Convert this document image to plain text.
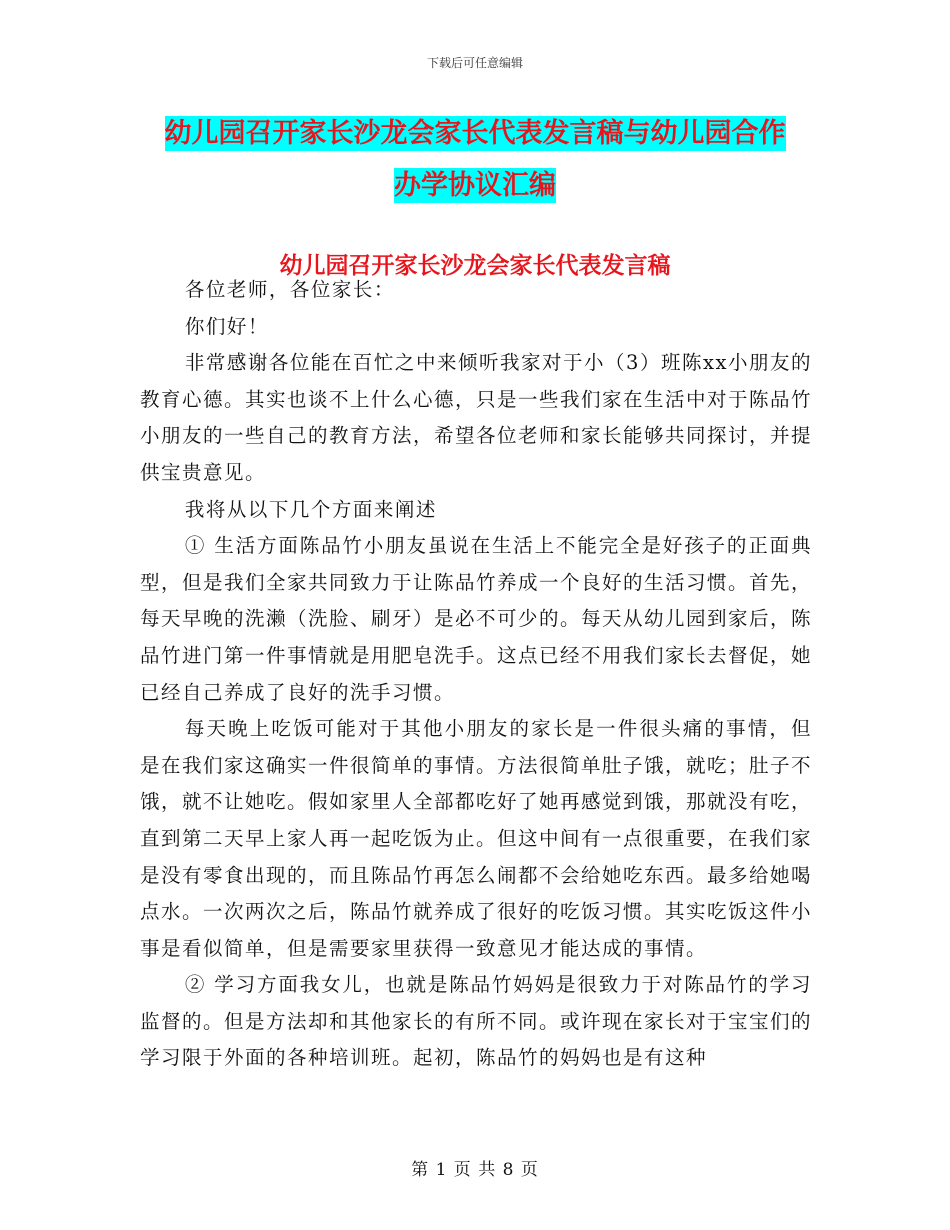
下载后可任意编辑
幼儿园召开家长沙龙会家长代表发言稿与幼儿园合作
办学协议汇编
幼儿园召开家长沙龙会家长代表发言稿

各位老师，各位家长：

你们好！

非常感谢各位能在百忙之中来倾听我家对于小（3）班陈xx小朋友的教育心德。其实也谈不上什么心德，只是一些我们家在生活中对于陈品竹小朋友的一些自己的教育方法，希望各位老师和家长能够共同探讨，并提供宝贵意见。

我将从以下几个方面来阐述

① 生活方面陈品竹小朋友虽说在生活上不能完全是好孩子的正面典型，但是我们全家共同致力于让陈品竹养成一个良好的生活习惯。首先，每天早晚的洗濑（洗脸、刷牙）是必不可少的。每天从幼儿园到家后，陈品竹进门第一件事情就是用肥皂洗手。这点已经不用我们家长去督促，她已经自己养成了良好的洗手习惯。

每天晚上吃饭可能对于其他小朋友的家长是一件很头痛的事情，但是在我们家这确实一件很简单的事情。方法很简单肚子饿，就吃；肚子不饿，就不让她吃。假如家里人全部都吃好了她再感觉到饿，那就没有吃，直到第二天早上家人再一起吃饭为止。但这中间有一点很重要，在我们家是没有零食出现的，而且陈品竹再怎么闹都不会给她吃东西。最多给她喝点水。一次两次之后，陈品竹就养成了很好的吃饭习惯。其实吃饭这件小事是看似简单，但是需要家里获得一致意见才能达成的事情。

② 学习方面我女儿，也就是陈品竹妈妈是很致力于对陈品竹的学习监督的。但是方法却和其他家长的有所不同。或许现在家长对于宝宝们的学习限于外面的各种培训班。起初，陈品竹的妈妈也是有这种

第 1 页 共 8 页
